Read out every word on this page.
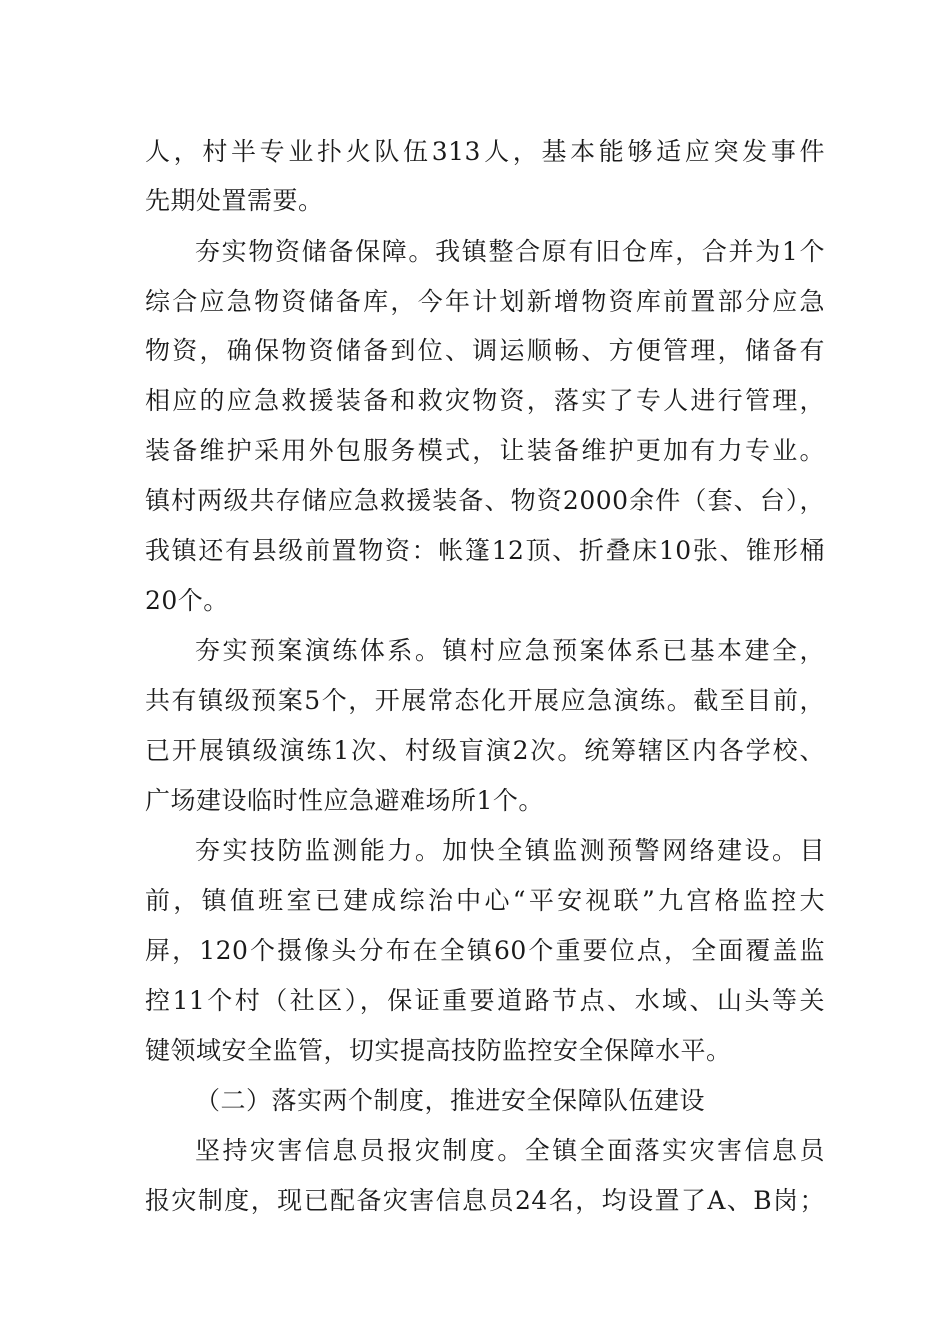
人，村半专业扑火队伍313人，基本能够适应突发事件
先期处置需要。
夯实物资储备保障。我镇整合原有旧仓库，合并为1个
综合应急物资储备库，今年计划新增物资库前置部分应急
物资，确保物资储备到位、调运顺畅、方便管理，储备有
相应的应急救援装备和救灾物资，落实了专人进行管理，
装备维护采用外包服务模式，让装备维护更加有力专业。
镇村两级共存储应急救援装备、物资2000余件（套、台），
我镇还有县级前置物资：帐篷12顶、折叠床10张、锥形桶
20个。
夯实预案演练体系。镇村应急预案体系已基本建全，
共有镇级预案5个，开展常态化开展应急演练。截至目前，
已开展镇级演练1次、村级盲演2次。统筹辖区内各学校、
广场建设临时性应急避难场所1个。
夯实技防监测能力。加快全镇监测预警网络建设。目
前，镇值班室已建成综治中心“平安视联”九宫格监控大
屏，120个摄像头分布在全镇60个重要位点，全面覆盖监
控11个村（社区），保证重要道路节点、水域、山头等关
键领域安全监管，切实提高技防监控安全保障水平。
（二）落实两个制度，推进安全保障队伍建设
坚持灾害信息员报灾制度。全镇全面落实灾害信息员
报灾制度，现已配备灾害信息员24名，均设置了A、B岗；
